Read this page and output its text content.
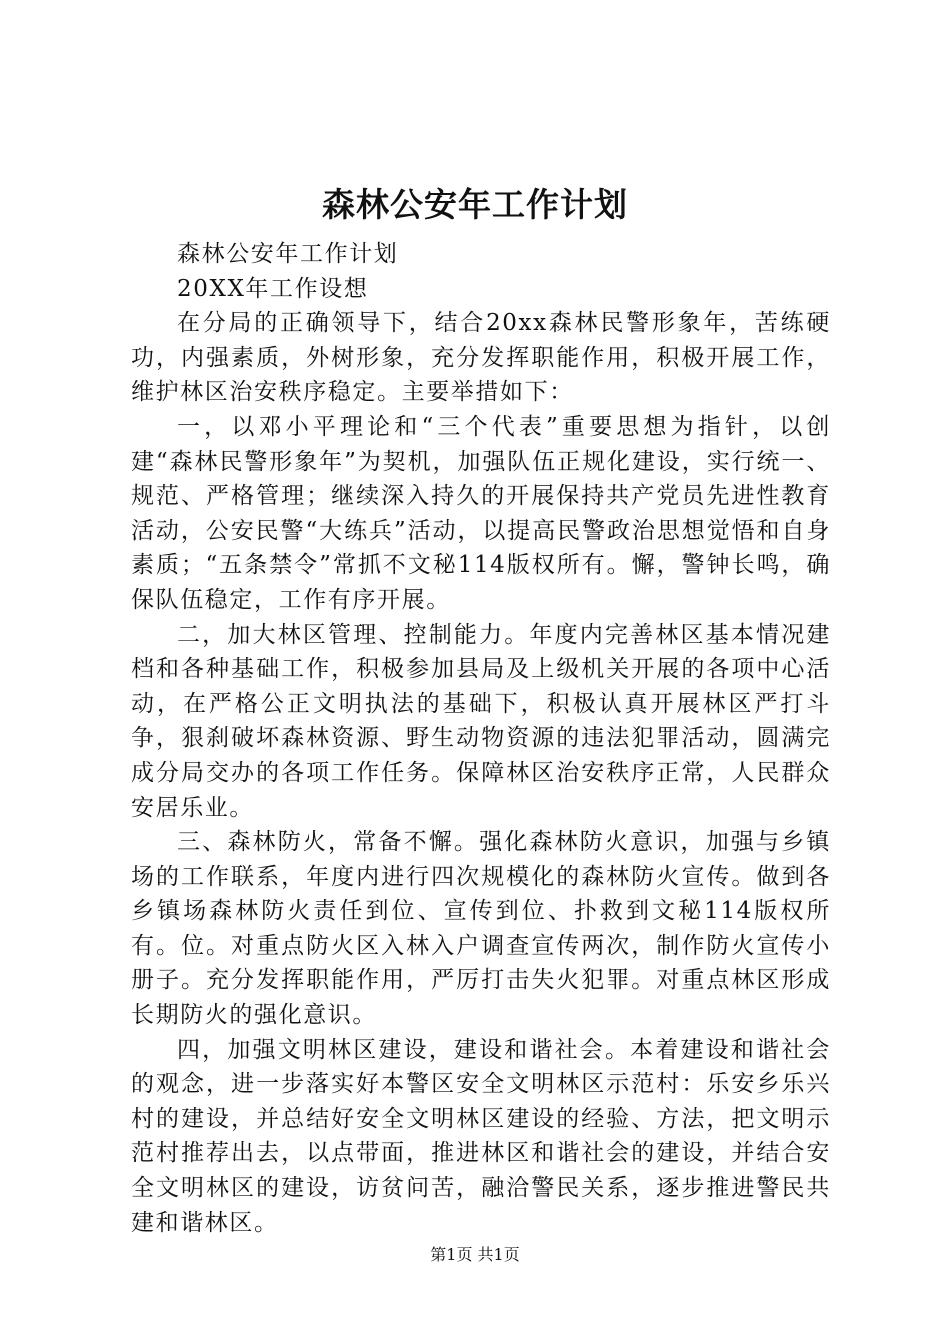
森林公安年工作计划

森林公安年工作计划

20XX年工作设想

在分局的正确领导下，结合20xx森林民警形象年，苦练硬功，内强素质，外树形象，充分发挥职能作用，积极开展工作，维护林区治安秩序稳定。主要举措如下：

一，以邓小平理论和“三个代表”重要思想为指针，以创建“森林民警形象年”为契机，加强队伍正规化建设，实行统一、规范、严格管理；继续深入持久的开展保持共产党员先进性教育活动，公安民警“大练兵”活动，以提高民警政治思想觉悟和自身素质；“五条禁令”常抓不文秘114版权所有。懈，警钟长鸣，确保队伍稳定，工作有序开展。

二，加大林区管理、控制能力。年度内完善林区基本情况建档和各种基础工作，积极参加县局及上级机关开展的各项中心活动，在严格公正文明执法的基础下，积极认真开展林区严打斗争，狠刹破坏森林资源、野生动物资源的违法犯罪活动，圆满完成分局交办的各项工作任务。保障林区治安秩序正常，人民群众安居乐业。

三、森林防火，常备不懈。强化森林防火意识，加强与乡镇场的工作联系，年度内进行四次规模化的森林防火宣传。做到各乡镇场森林防火责任到位、宣传到位、扑救到文秘114版权所有。位。对重点防火区入林入户调查宣传两次，制作防火宣传小册子。充分发挥职能作用，严厉打击失火犯罪。对重点林区形成长期防火的强化意识。

四，加强文明林区建设，建设和谐社会。本着建设和谐社会的观念，进一步落实好本警区安全文明林区示范村：乐安乡乐兴村的建设，并总结好安全文明林区建设的经验、方法，把文明示范村推荐出去，以点带面，推进林区和谐社会的建设，并结合安全文明林区的建设，访贫问苦，融洽警民关系，逐步推进警民共建和谐林区。

第1页 共1页
